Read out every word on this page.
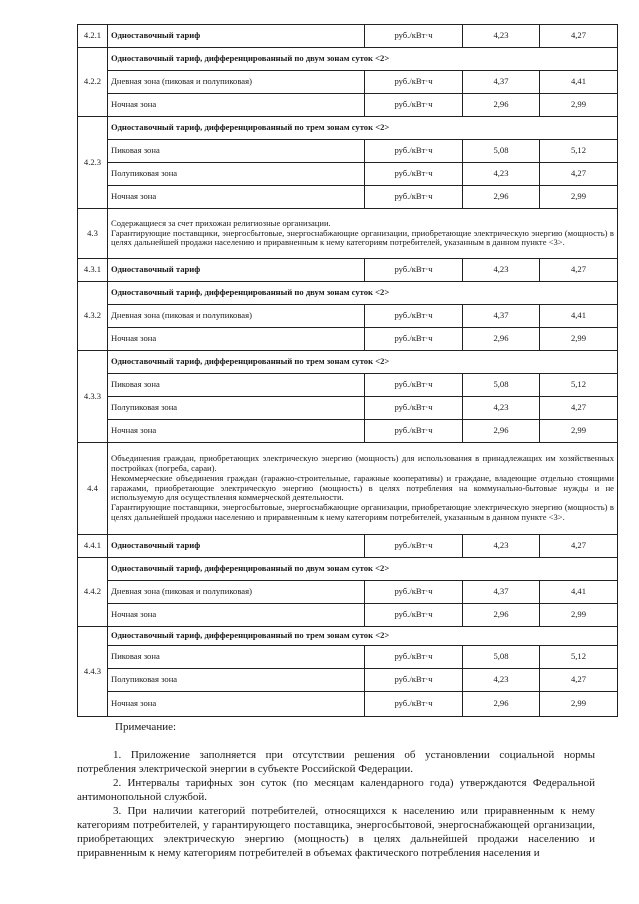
4.2.1	Одноставочный тариф	руб./кВт·ч	4,23	4,27
4.2.2	Одноставочный тариф, дифференцированный по двум зонам суток <2>			
	Дневная зона (пиковая и полупиковая)	руб./кВт·ч	4,37	4,41
	Ночная зона	руб./кВт·ч	2,96	2,99
4.2.3	Одноставочный тариф, дифференцированный по трем зонам суток <2>			
	Пиковая зона	руб./кВт·ч	5,08	5,12
	Полупиковая зона	руб./кВт·ч	4,23	4,27
	Ночная зона	руб./кВт·ч	2,96	2,99
4.3	Содержащиеся за счет прихожан религиозные организации.
Гарантирующие поставщики, энергосбытовые, энергоснабжающие организации, приобретающие электрическую энергию (мощность) в целях дальнейшей продажи населению и приравненным к нему категориям потребителей, указанным в данном пункте <3>.			
4.3.1	Одноставочный тариф	руб./кВт·ч	4,23	4,27
4.3.2	Одноставочный тариф, дифференцированный по двум зонам суток <2>			
	Дневная зона (пиковая и полупиковая)	руб./кВт·ч	4,37	4,41
	Ночная зона	руб./кВт·ч	2,96	2,99
4.3.3	Одноставочный тариф, дифференцированный по трем зонам суток <2>			
	Пиковая зона	руб./кВт·ч	5,08	5,12
	Полупиковая зона	руб./кВт·ч	4,23	4,27
	Ночная зона	руб./кВт·ч	2,96	2,99
4.4	Объединения граждан, приобретающих электрическую энергию (мощность) для использования в принадлежащих им хозяйственных постройках (погреба, сараи).
Некоммерческие объединения граждан (гаражно-строительные, гаражные кооперативы) и граждане, владеющие отдельно стоящими гаражами, приобретающие электрическую энергию (мощность) в целях потребления на коммунально-бытовые нужды и не используемую для осуществления коммерческой деятельности.
Гарантирующие поставщики, энергосбытовые, энергоснабжающие организации, приобретающие электрическую энергию (мощность) в целях дальнейшей продажи населению и приравненным к нему категориям потребителей, указанным в данном пункте <3>.			
4.4.1	Одноставочный тариф	руб./кВт·ч	4,23	4,27
4.4.2	Одноставочный тариф, дифференцированный по двум зонам суток <2>			
	Дневная зона (пиковая и полупиковая)	руб./кВт·ч	4,37	4,41
	Ночная зона	руб./кВт·ч	2,96	2,99
4.4.3	Одноставочный тариф, дифференцированный по трем зонам суток <2>			
	Пиковая зона	руб./кВт·ч	5,08	5,12
	Полупиковая зона	руб./кВт·ч	4,23	4,27
	Ночная зона	руб./кВт·ч	2,96	2,99
Примечание:

1. Приложение заполняется при отсутствии решения об установлении социальной нормы потребления электрической энергии в субъекте Российской Федерации.

2. Интервалы тарифных зон суток (по месяцам календарного года) утверждаются Федеральной антимонопольной службой.

3. При наличии категорий потребителей, относящихся к населению или приравненным к нему категориям потребителей, у гарантирующего поставщика, энергосбытовой, энергоснабжающей организации, приобретающих электрическую энергию (мощность) в целях дальнейшей продажи населению и приравненным к нему категориям потребителей в объемах фактического потребления населения и
